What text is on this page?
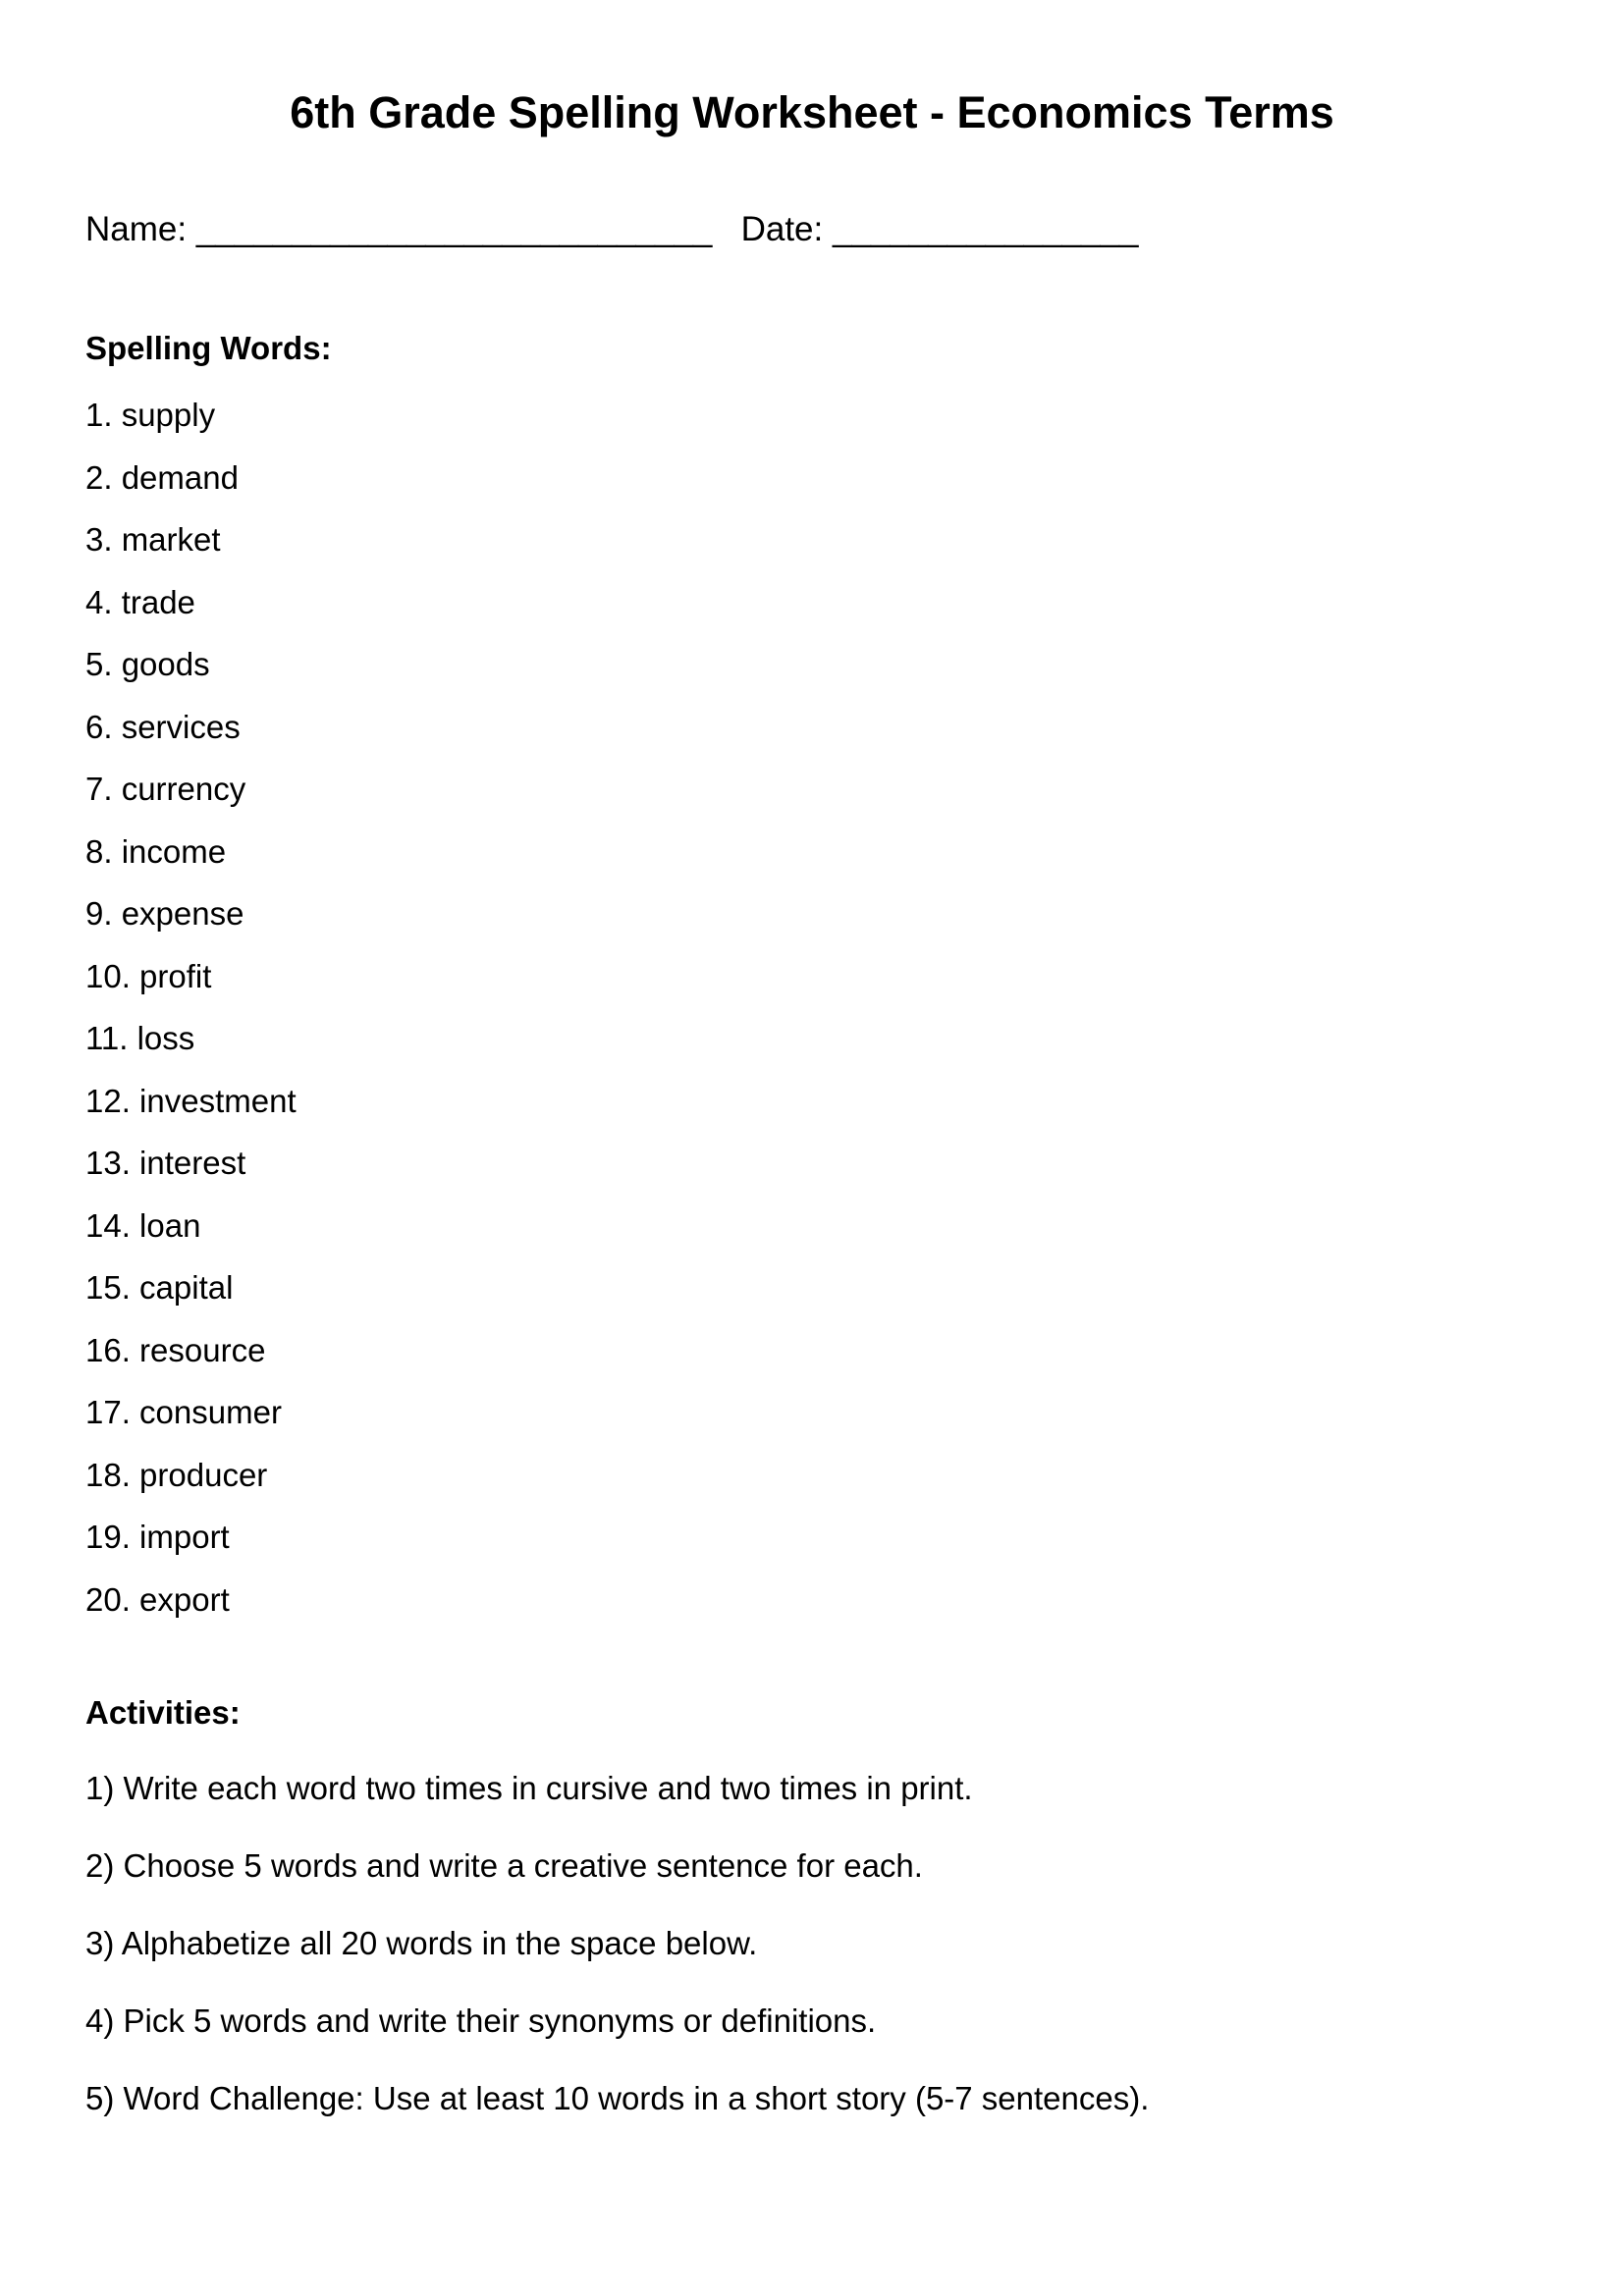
6th Grade Spelling Worksheet - Economics Terms
Name: ___________________________ Date: ________________
Spelling Words:
1. supply
2. demand
3. market
4. trade
5. goods
6. services
7. currency
8. income
9. expense
10. profit
11. loss
12. investment
13. interest
14. loan
15. capital
16. resource
17. consumer
18. producer
19. import
20. export
Activities:
1) Write each word two times in cursive and two times in print.
2) Choose 5 words and write a creative sentence for each.
3) Alphabetize all 20 words in the space below.
4) Pick 5 words and write their synonyms or definitions.
5) Word Challenge: Use at least 10 words in a short story (5-7 sentences).
